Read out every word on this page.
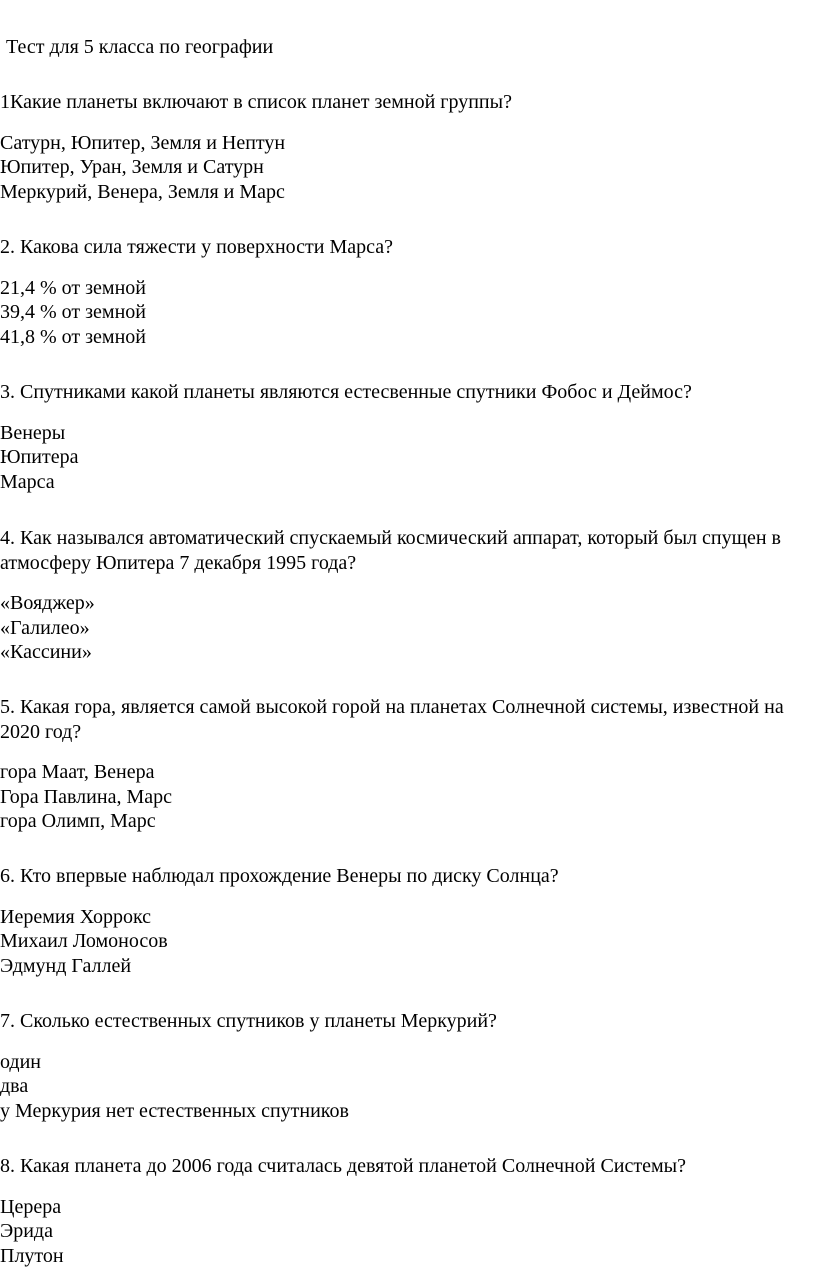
Тест для 5 класса по географии

1Какие планеты включают в список планет земной группы?

Сатурн, Юпитер, Земля и Нептун
Юпитер, Уран, Земля и Сатурн
Меркурий, Венера, Земля и Марс

2. Какова сила тяжести у поверхности Марса?

21,4 % от земной
39,4 % от земной
41,8 % от земной

3. Спутниками какой планеты являются естесвенные спутники Фобос и Деймос?

Венеры
Юпитера
Марса

4. Как назывался автоматический спускаемый космический аппарат, который был спущен в атмосферу Юпитера 7 декабря 1995 года?

«Вояджер»
«Галилео»
«Кассини»

5. Какая гора, является самой высокой горой на планетах Солнечной системы, известной на 2020 год?

гора Маат, Венера
Гора Павлина, Марс
гора Олимп, Марс

6. Кто впервые наблюдал прохождение Венеры по диску Солнца?

Иеремия Хоррокс
Михаил Ломоносов
Эдмунд Галлей

7. Сколько естественных спутников у планеты Меркурий?

один
два
у Меркурия нет естественных спутников

8. Какая планета до 2006 года считалась девятой планетой Солнечной Системы?

Церера
Эрида
Плутон
